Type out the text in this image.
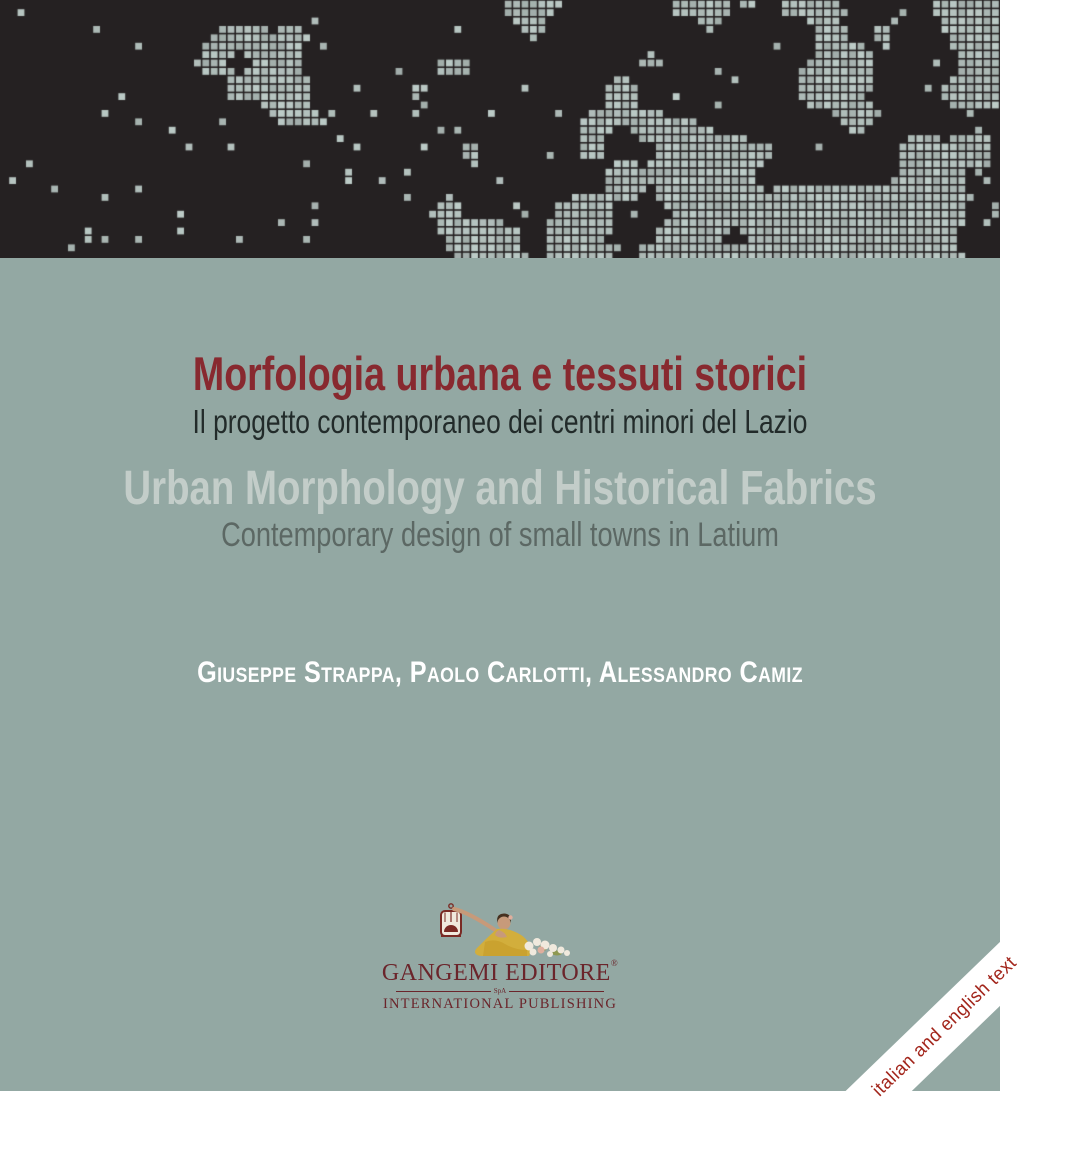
Morfologia urbana e tessuti storici
Il progetto contemporaneo dei centri minori del Lazio
Urban Morphology and Historical Fabrics
Contemporary design of small towns in Latium
Giuseppe Strappa, Paolo Carlotti, Alessandro Camiz
GANGEMI EDITORE®
SpA
INTERNATIONAL PUBLISHING	italian and english text
